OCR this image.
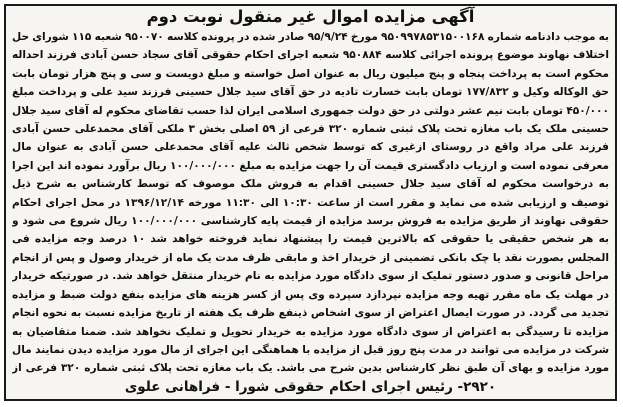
آگهی مزایده اموال غیر منقول نوبت دوم
به موجب دادنامه شماره ۹۵۰۹۹۷۸۵۳۱۵۰۰۱۶۸ مورخ ۹۵/۹/۲۴ صادر شده در پرونده کلاسه ۹۵۰۰۷۰ شعبه ۱۱۵ شورای حل اختلاف نهاوند موضوع پرونده اجرائی کلاسه ۹۵۰۸۸۴ شعبه اجرای احکام حقوقی آقای سجاد حسن آبادی فرزند احداله محکوم است به پرداخت پنجاه و پنج میلیون ریال به عنوان اصل خواسته و مبلغ دویست و سی و پنج هزار تومان بابت حق الوکاله وکیل و ۱۷۷/۸۳۲ تومان بابت خسارت تادیه در حق آقای سید جلال حسینی فرزند سید علی و پرداخت مبلغ ۴۵۰/۰۰۰ تومان بابت نیم عشر دولتی در حق دولت جمهوری اسلامی ایران لذا حسب تقاضای محکوم له آقای سید جلال حسینی ملک یک باب مغازه تحت پلاک ثبتی شماره ۳۲۰ فرعی از ۵۹ اصلی بخش ۳ ملکی آقای محمدعلی حسن آبادی فرزند علی مراد واقع در روستای ازغیری که توسط شخص ثالث علیه آقای محمدعلی حسن آبادی به عنوان مال معرفی نموده است و ارزیاب دادگستری قیمت آن را جهت مزایده به مبلغ ۱۰۰/۰۰۰/۰۰۰ ریال برآورد نموده اند این اجرا به درخواست محکوم له آقای سید جلال حسینی اقدام به فروش ملک موصوف که توسط کارشناس به شرح ذیل توصیف و ارزیابی شده می نماید و مقرر است از ساعت ۱۰:۳۰ الی ۱۱:۳۰ مورخه ۱۳۹۶/۱۲/۱۴ در محل اجرای احکام حقوقی نهاوند از طریق مزایده به فروش برسد مزایده از قیمت پایه کارشناسی ۱۰۰/۰۰۰/۰۰۰ ریال شروع می شود و به هر شخص حقیقی یا حقوقی که بالاترین قیمت را پیشنهاد نماید فروخته خواهد شد ۱۰ درصد وجه مزایده فی المجلس بصورت نقد یا چک بانکی تضمینی از خریدار اخذ و مابقی ظرف مدت یک ماه از خریدار وصول و پس از انجام مراحل قانونی و صدور دستور تملیک از سوی دادگاه مورد مزایده به نام خریدار منتقل خواهد شد. در صورتیکه خریدار در مهلت یک ماه مقرر تهیه وجه مزایده نپردازد سپرده وی پس از کسر هزینه های مزایده بنفع دولت ضبط و مزایده تجدید می گردد. در صورت ایصال اعتراض از سوی اشخاص ذینفع ظرف یک هفته از تاریخ مزایده نسبت به نحوه انجام مزایده تا رسیدگی به اعتراض از سوی دادگاه مورد مزایده به خریدار تحویل و تملیک نخواهد شد. ضمنا متقاضیان به شرکت در مزایده می توانند در مدت پنج روز قبل از مزایده با هماهنگی این اجرای از مال مورد مزایده دیدن نمایند مال مورد مزایده و بهای آن طبق نظر کارشناس بدین شرح می باشد. یک باب مغازه تحت پلاک ثبتی شماره ۳۲۰ فرعی از
۲۹۲۰- رئیس اجرای احکام حقوقی شورا - فراهانی علوی
